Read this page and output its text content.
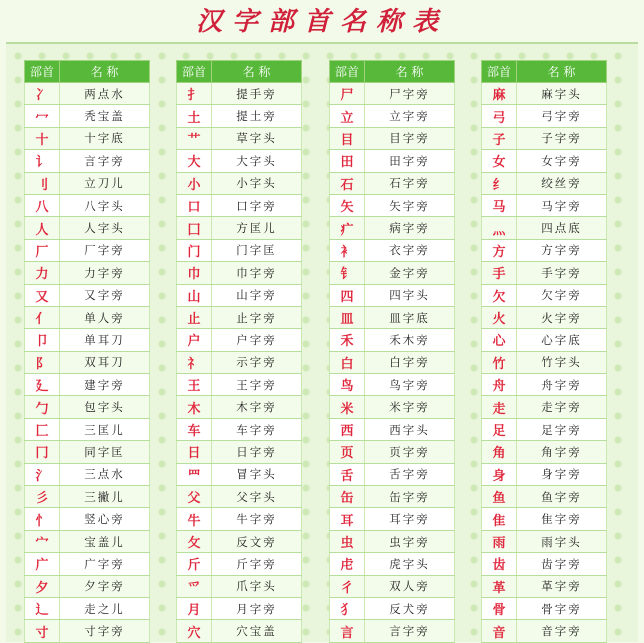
汉字部首名称表
部首	名 称
冫	两点水
冖	秃宝盖
十	十字底
讠	言字旁
刂	立刀儿
八	八字头
人	人字头
厂	厂字旁
力	力字旁
又	又字旁
亻	单人旁
卩	单耳刀
阝	双耳刀
廴	建字旁
勹	包字头
匚	三匡儿
冂	同字匡
氵	三点水
彡	三撇儿
忄	竖心旁
宀	宝盖儿
广	广字旁
夕	夕字旁
辶	走之儿
寸	寸字旁
部首	名 称
扌	提手旁
土	提土旁
艹	草字头
大	大字头
小	小字头
口	口字旁
囗	方匡儿
门	门字匡
巾	巾字旁
山	山字旁
止	止字旁
户	户字旁
礻	示字旁
王	王字旁
木	木字旁
车	车字旁
日	日字旁
罒	冒字头
父	父字头
牛	牛字旁
攵	反文旁
斤	斤字旁
爫	爪字头
月	月字旁
穴	穴宝盖
部首	名 称
尸	尸字旁
立	立字旁
目	目字旁
田	田字旁
石	石字旁
矢	矢字旁
疒	病字旁
衤	衣字旁
钅	金字旁
四	四字头
皿	皿字底
禾	禾木旁
白	白字旁
鸟	鸟字旁
米	米字旁
西	西字头
页	页字旁
舌	舌字旁
缶	缶字旁
耳	耳字旁
虫	虫字旁
虍	虎字头
彳	双人旁
犭	反犬旁
言	言字旁
部首	名 称
麻	麻字头
弓	弓字旁
子	子字旁
女	女字旁
纟	绞丝旁
马	马字旁
灬	四点底
方	方字旁
手	手字旁
欠	欠字旁
火	火字旁
心	心字底
竹	竹字头
舟	舟字旁
走	走字旁
足	足字旁
角	角字旁
身	身字旁
鱼	鱼字旁
隹	隹字旁
雨	雨字头
齿	齿字旁
革	革字旁
骨	骨字旁
音	音字旁
